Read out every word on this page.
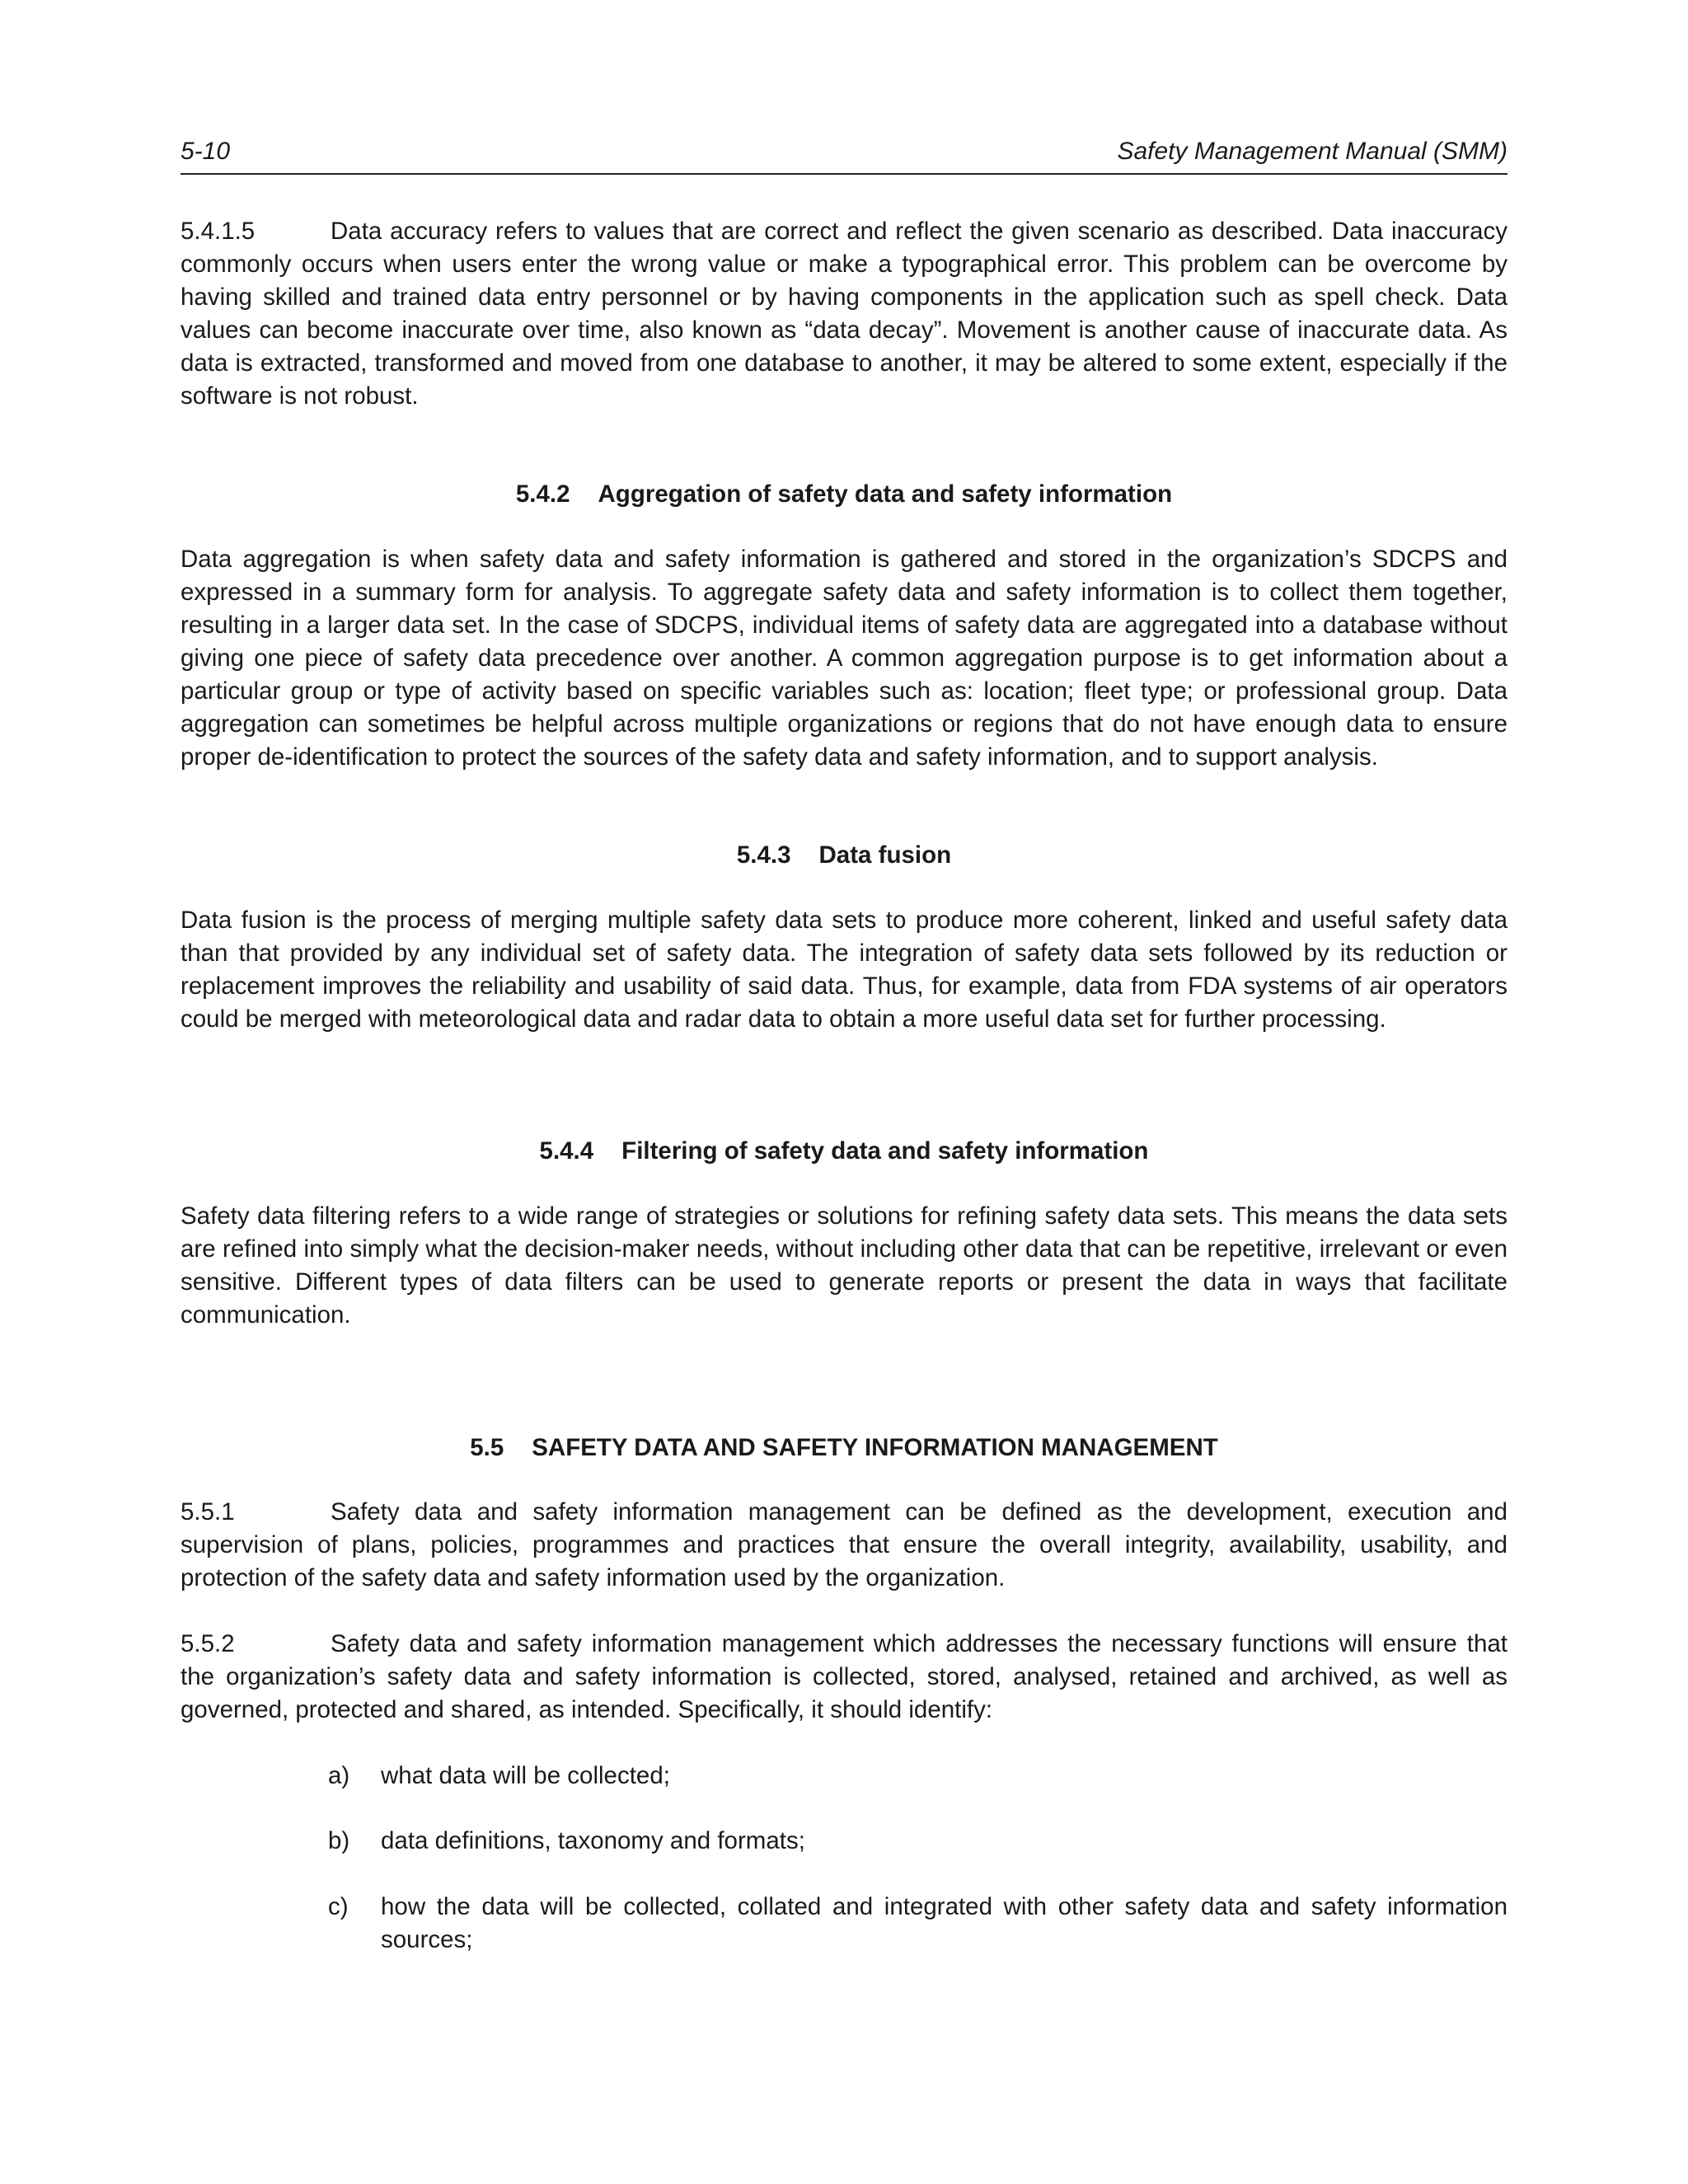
5-10	Safety Management Manual (SMM)

5.4.1.5	Data accuracy refers to values that are correct and reflect the given scenario as described. Data inaccuracy commonly occurs when users enter the wrong value or make a typographical error. This problem can be overcome by having skilled and trained data entry personnel or by having components in the application such as spell check. Data values can become inaccurate over time, also known as “data decay”. Movement is another cause of inaccurate data. As data is extracted, transformed and moved from one database to another, it may be altered to some extent, especially if the software is not robust.

5.4.2 Aggregation of safety data and safety information

Data aggregation is when safety data and safety information is gathered and stored in the organization’s SDCPS and expressed in a summary form for analysis. To aggregate safety data and safety information is to collect them together, resulting in a larger data set. In the case of SDCPS, individual items of safety data are aggregated into a database without giving one piece of safety data precedence over another. A common aggregation purpose is to get information about a particular group or type of activity based on specific variables such as: location; fleet type; or professional group. Data aggregation can sometimes be helpful across multiple organizations or regions that do not have enough data to ensure proper de-identification to protect the sources of the safety data and safety information, and to support analysis.

5.4.3 Data fusion

Data fusion is the process of merging multiple safety data sets to produce more coherent, linked and useful safety data than that provided by any individual set of safety data. The integration of safety data sets followed by its reduction or replacement improves the reliability and usability of said data. Thus, for example, data from FDA systems of air operators could be merged with meteorological data and radar data to obtain a more useful data set for further processing.

5.4.4 Filtering of safety data and safety information

Safety data filtering refers to a wide range of strategies or solutions for refining safety data sets. This means the data sets are refined into simply what the decision-maker needs, without including other data that can be repetitive, irrelevant or even sensitive. Different types of data filters can be used to generate reports or present the data in ways that facilitate communication.

5.5 SAFETY DATA AND SAFETY INFORMATION MANAGEMENT

5.5.1	Safety data and safety information management can be defined as the development, execution and supervision of plans, policies, programmes and practices that ensure the overall integrity, availability, usability, and protection of the safety data and safety information used by the organization.

5.5.2	Safety data and safety information management which addresses the necessary functions will ensure that the organization’s safety data and safety information is collected, stored, analysed, retained and archived, as well as governed, protected and shared, as intended. Specifically, it should identify:

a) what data will be collected;
b) data definitions, taxonomy and formats;
c) how the data will be collected, collated and integrated with other safety data and safety information sources;
